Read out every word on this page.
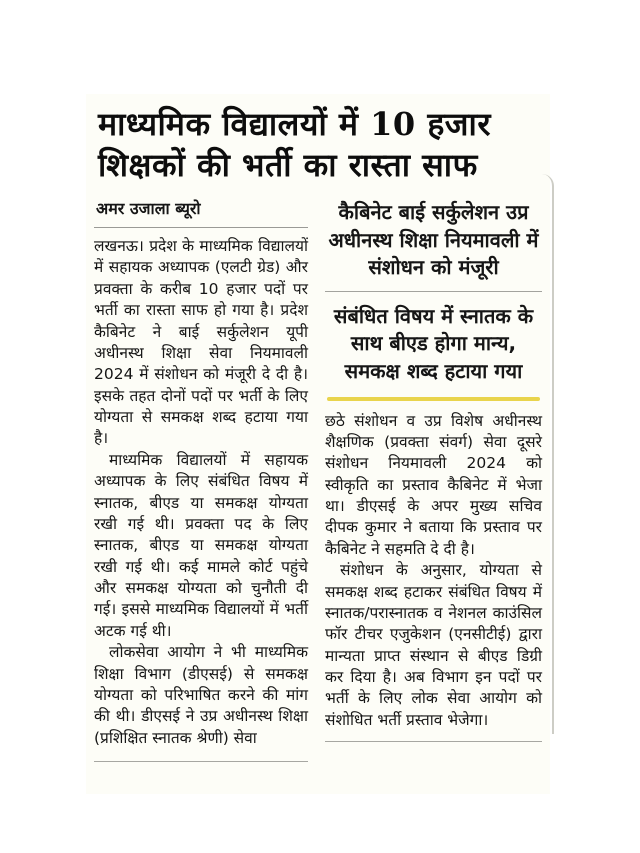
माध्यमिक विद्यालयों में 10 हजार
शिक्षकों की भर्ती का रास्ता साफ
अमर उजाला ब्यूरो

लखनऊ। प्रदेश के माध्यमिक विद्यालयों में सहायक अध्यापक (एलटी ग्रेड) और प्रवक्ता के करीब 10 हजार पदों पर भर्ती का रास्ता साफ हो गया है। प्रदेश कैबिनेट ने बाई सर्कुलेशन यूपी अधीनस्थ शिक्षा सेवा नियमावली 2024 में संशोधन को मंजूरी दे दी है। इसके तहत दोनों पदों पर भर्ती के लिए योग्यता से समकक्ष शब्द हटाया गया है।

माध्यमिक विद्यालयों में सहायक अध्यापक के लिए संबंधित विषय में स्नातक, बीएड या समकक्ष योग्यता रखी गई थी। प्रवक्ता पद के लिए स्नातक, बीएड या समकक्ष योग्यता रखी गई थी। कई मामले कोर्ट पहुंचे और समकक्ष योग्यता को चुनौती दी गई। इससे माध्यमिक विद्यालयों में भर्ती अटक गई थी।

लोकसेवा आयोग ने भी माध्यमिक शिक्षा विभाग (डीएसई) से समकक्ष योग्यता को परिभाषित करने की मांग की थी। डीएसई ने उप्र अधीनस्थ शिक्षा (प्रशिक्षित स्नातक श्रेणी) सेवा

कैबिनेट बाई सर्कुलेशन उप्र अधीनस्थ शिक्षा नियमावली में संशोधन को मंजूरी
संबंधित विषय में स्नातक के साथ बीएड होगा मान्य, समकक्ष शब्द हटाया गया

छठे संशोधन व उप्र विशेष अधीनस्थ शैक्षणिक (प्रवक्ता संवर्ग) सेवा दूसरे संशोधन नियमावली 2024 को स्वीकृति का प्रस्ताव कैबिनेट में भेजा था। डीएसई के अपर मुख्य सचिव दीपक कुमार ने बताया कि प्रस्ताव पर कैबिनेट ने सहमति दे दी है।

संशोधन के अनुसार, योग्यता से समकक्ष शब्द हटाकर संबंधित विषय में स्नातक/परास्नातक व नेशनल काउंसिल फॉर टीचर एजुकेशन (एनसीटीई) द्वारा मान्यता प्राप्त संस्थान से बीएड डिग्री कर दिया है। अब विभाग इन पदों पर भर्ती के लिए लोक सेवा आयोग को संशोधित भर्ती प्रस्ताव भेजेगा।
